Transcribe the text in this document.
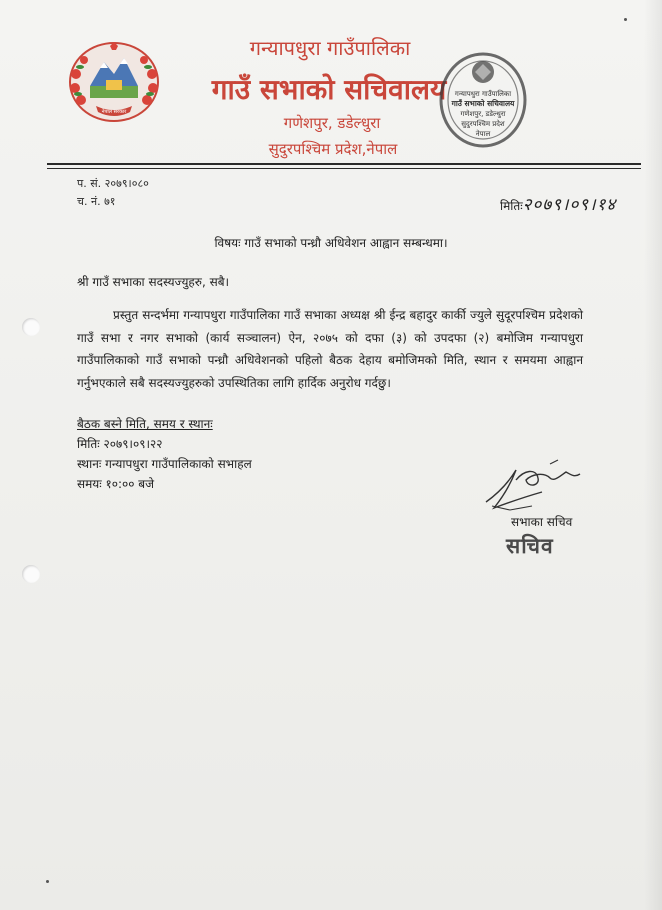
नेपाल सरकार
गन्यापधुरा गाउँपालिका
गाउँ सभाको सचिवालय
गणेशपुर, डडेल्धुरा
सुदुरपश्चिम प्रदेश,नेपाल
गन्यापधुरा गाउँपालिका
गाउँ सभाको सचिवालय
गणेशपुर, डडेल्धुरा
सुदुरपश्चिम प्रदेश
नेपाल
प. सं. २०७९।०८०
च. नं. ७१	मितिः२०७९।०९।१४
विषयः गाउँ सभाको पन्ध्रौ अधिवेशन आह्वान सम्बन्धमा।
श्री गाउँ सभाका सदस्यज्युहरु, सबै।
प्रस्तुत सन्दर्भमा गन्यापधुरा गाउँपालिका गाउँ सभाका अध्यक्ष श्री ईन्द्र बहादुर कार्की ज्युले सुदूरपश्चिम प्रदेशको गाउँ सभा र नगर सभाको (कार्य सञ्चालन) ऐन, २०७५ को दफा (३) को उपदफा (२) बमोजिम गन्यापधुरा गाउँपालिकाको गाउँ सभाको पन्ध्रौ अधिवेशनको पहिलो बैठक देहाय बमोजिमको मिति, स्थान र समयमा आह्वान गर्नुभएकाले सबै सदस्यज्युहरुको उपस्थितिका लागि हार्दिक अनुरोध गर्दछु।
बैठक बस्ने मिति, समय र स्थानः
मितिः २०७९।०९।२२
स्थानः गन्यापधुरा गाउँपालिकाको सभाहल
समयः १०:०० बजे
सभाका सचिव
सचिव
